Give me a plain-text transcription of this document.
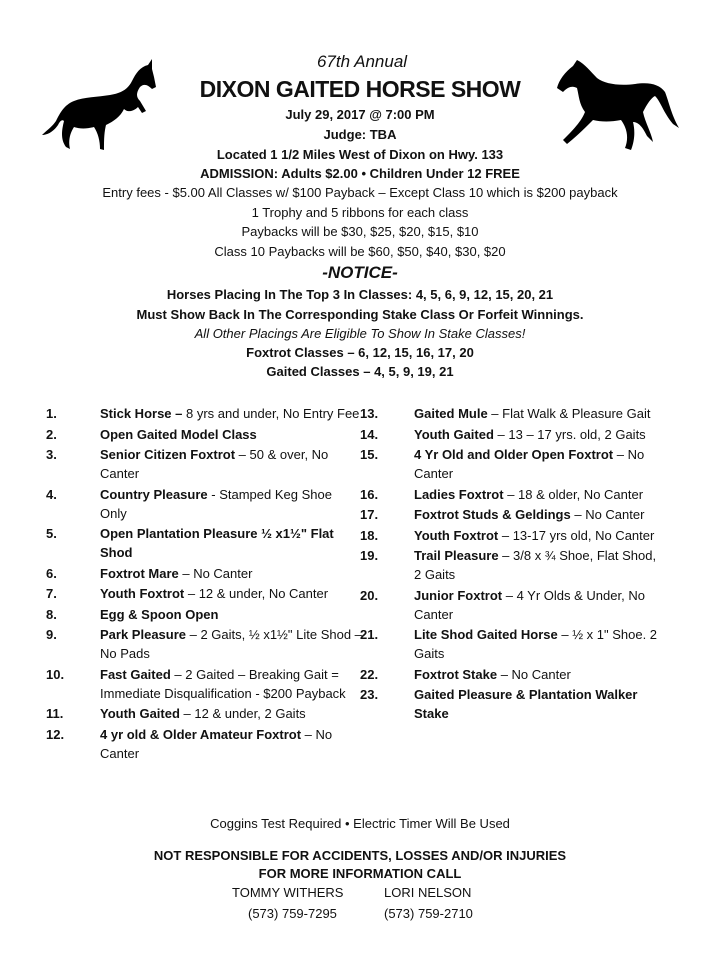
67th Annual
DIXON GAITED HORSE SHOW
July 29, 2017 @ 7:00 PM
Judge: TBA
Located 1 1/2 Miles West of Dixon on Hwy. 133
ADMISSION: Adults $2.00 • Children Under 12 FREE
Entry fees - $5.00 All Classes w/ $100 Payback – Except Class 10 which is $200 payback
1 Trophy and 5 ribbons for each class
Paybacks will be $30, $25, $20, $15, $10
Class 10 Paybacks will be $60, $50, $40, $30, $20
-NOTICE-
Horses Placing In The Top 3 In Classes: 4, 5, 6, 9, 12, 15, 20, 21
Must Show Back In The Corresponding Stake Class Or Forfeit Winnings.
All Other Placings Are Eligible To Show In Stake Classes!
Foxtrot Classes – 6, 12, 15, 16, 17, 20
Gaited Classes – 4, 5, 9, 19, 21
1.	Stick Horse – 8 yrs and under, No Entry Fee
2.	Open Gaited Model Class
3.	Senior Citizen Foxtrot – 50 & over, No Canter
4.	Country Pleasure - Stamped Keg Shoe Only
5.	Open Plantation Pleasure ½ x1½" Flat Shod
6.	Foxtrot Mare – No Canter
7.	Youth Foxtrot – 12 & under, No Canter
8.	Egg & Spoon Open
9.	Park Pleasure – 2 Gaits, ½ x1½" Lite Shod – No Pads
10.	Fast Gaited – 2 Gaited – Breaking Gait = Immediate Disqualification - $200 Payback
11.	Youth Gaited – 12 & under, 2 Gaits
12.	4 yr old & Older Amateur Foxtrot – No Canter
13.	Gaited Mule – Flat Walk & Pleasure Gait
14.	Youth Gaited – 13 – 17 yrs. old, 2 Gaits
15.	4 Yr Old and Older Open Foxtrot – No Canter
16.	Ladies Foxtrot – 18 & older, No Canter
17.	Foxtrot Studs & Geldings – No Canter
18.	Youth Foxtrot – 13-17 yrs old, No Canter
19.	Trail Pleasure – 3/8 x ¾ Shoe, Flat Shod, 2 Gaits
20.	Junior Foxtrot – 4 Yr Olds & Under, No Canter
21.	Lite Shod Gaited Horse – ½ x 1" Shoe. 2 Gaits
22.	Foxtrot Stake – No Canter
23.	Gaited Pleasure & Plantation Walker Stake
Coggins Test Required • Electric Timer Will Be Used
NOT RESPONSIBLE FOR ACCIDENTS, LOSSES AND/OR INJURIES
FOR MORE INFORMATION CALL
TOMMY WITHERS	LORI NELSON
(573) 759-7295	(573) 759-2710
